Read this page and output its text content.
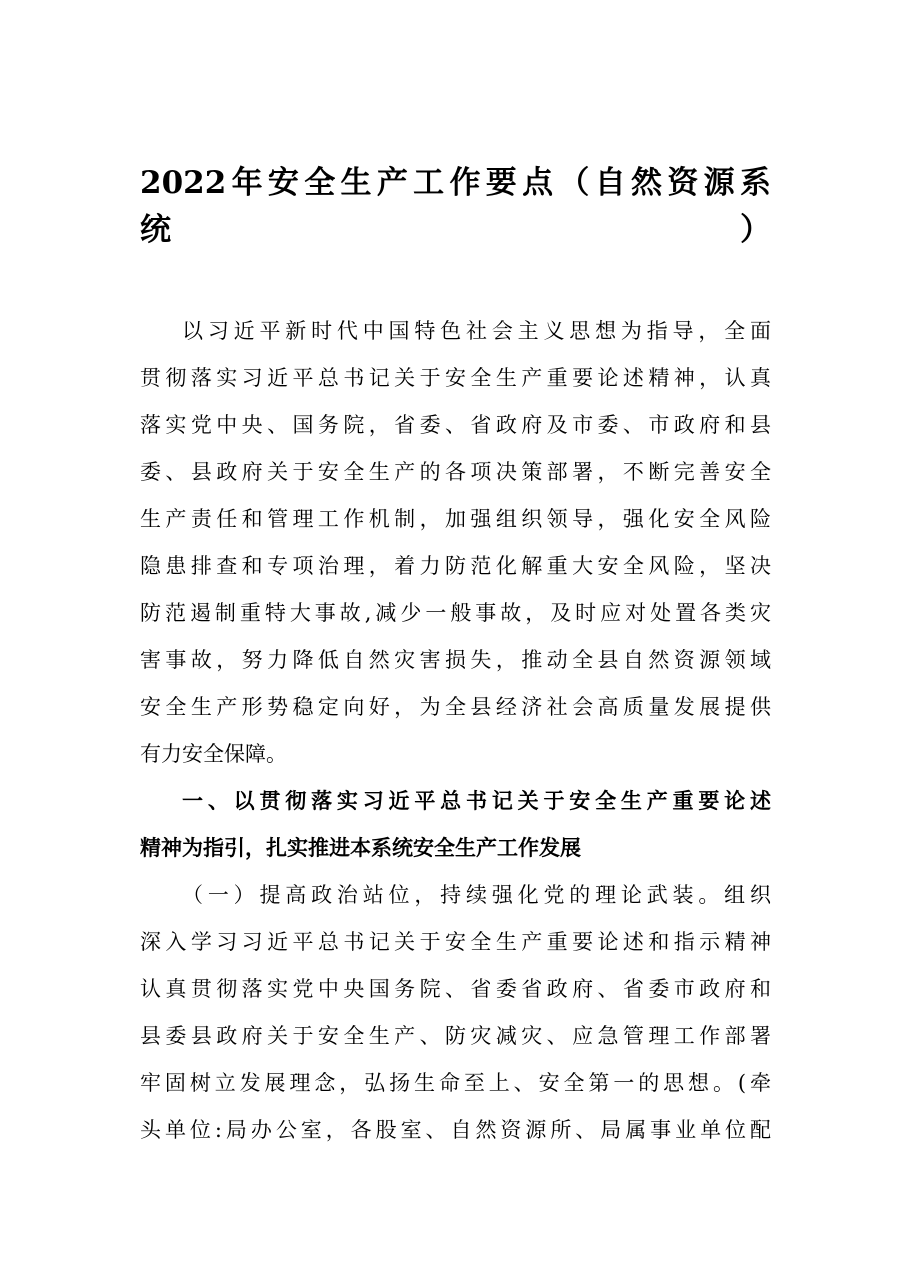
2022年安全生产工作要点（自然资源系
统）
以习近平新时代中国特色社会主义思想为指导，全面
贯彻落实习近平总书记关于安全生产重要论述精神，认真
落实党中央、国务院，省委、省政府及市委、市政府和县
委、县政府关于安全生产的各项决策部署，不断完善安全
生产责任和管理工作机制，加强组织领导，强化安全风险
隐患排查和专项治理，着力防范化解重大安全风险，坚决
防范遏制重特大事故,减少一般事故，及时应对处置各类灾
害事故，努力降低自然灾害损失，推动全县自然资源领域
安全生产形势稳定向好，为全县经济社会高质量发展提供
有力安全保障。
一、以贯彻落实习近平总书记关于安全生产重要论述
精神为指引，扎实推进本系统安全生产工作发展
（一）提高政治站位，持续强化党的理论武装。组织
深入学习习近平总书记关于安全生产重要论述和指示精神
认真贯彻落实党中央国务院、省委省政府、省委市政府和
县委县政府关于安全生产、防灾减灾、应急管理工作部署
牢固树立发展理念，弘扬生命至上、安全第一的思想。(牵
头单位:局办公室，各股室、自然资源所、局属事业单位配
